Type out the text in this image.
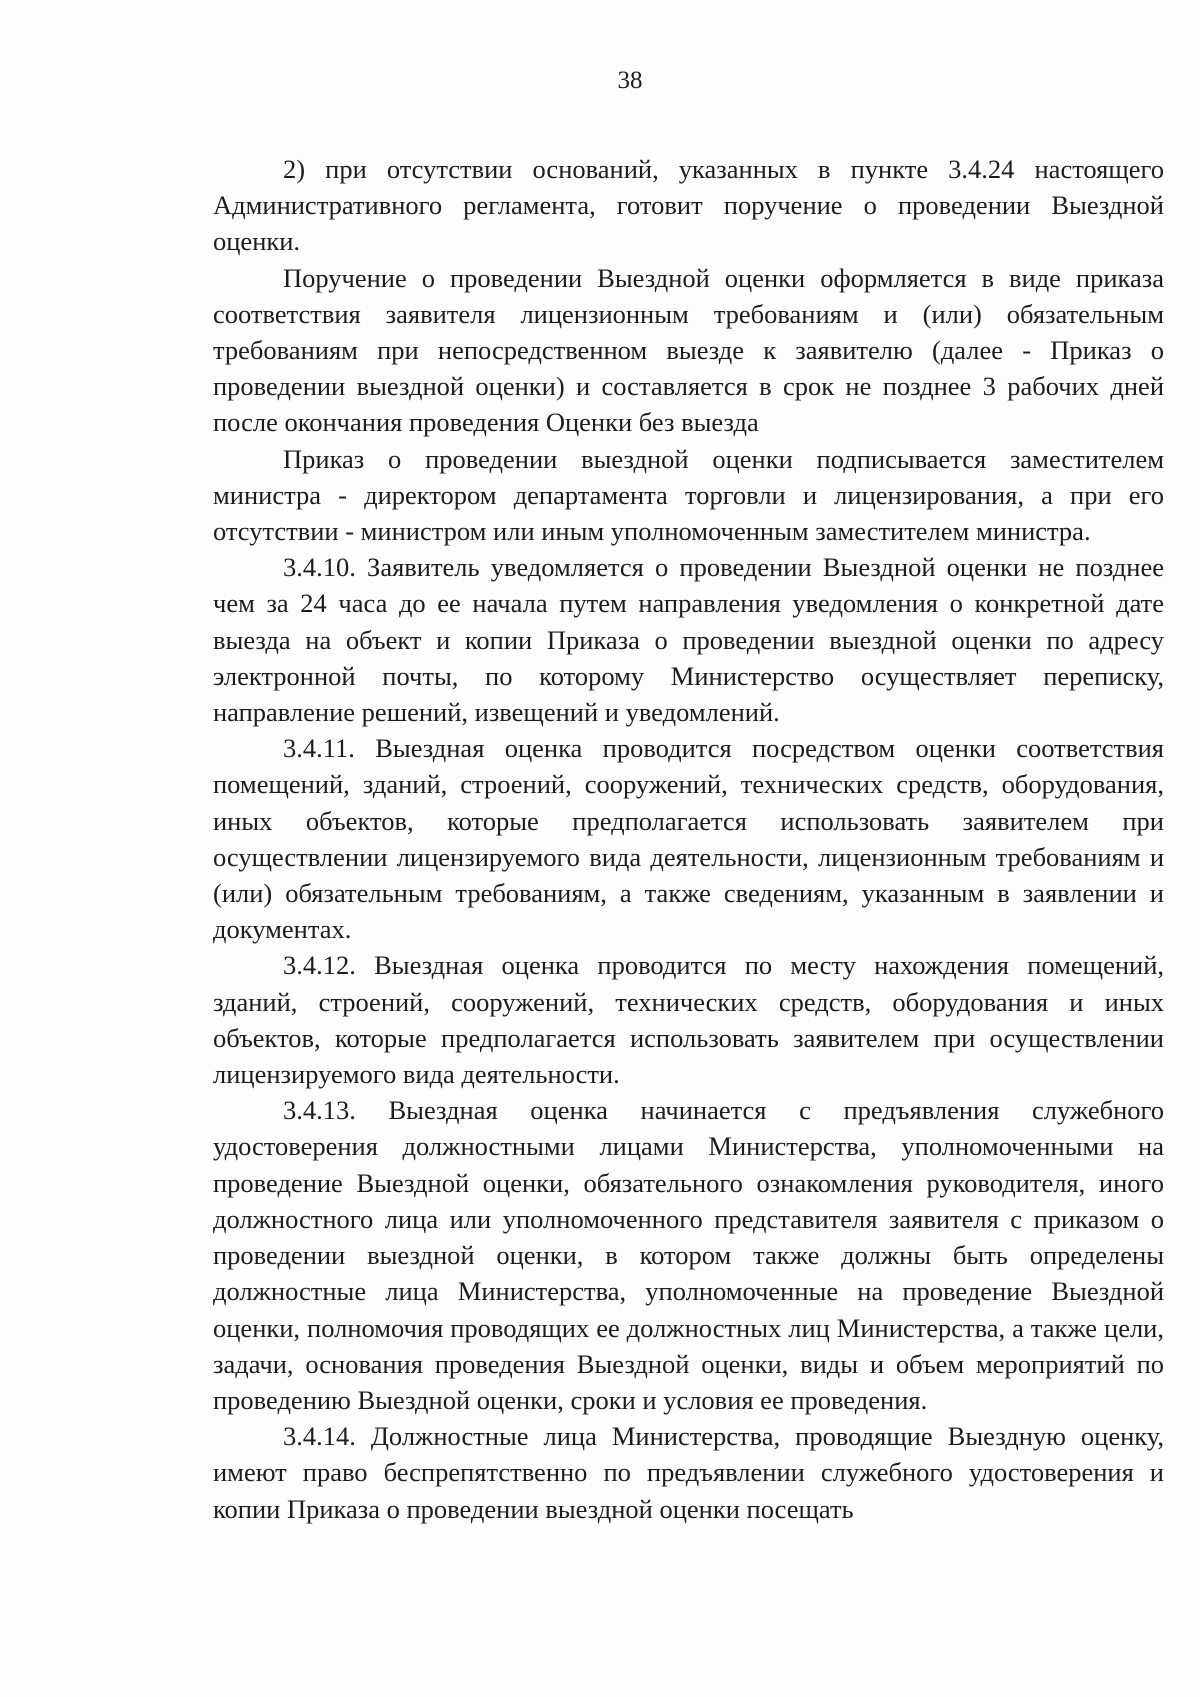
38

2) при отсутствии оснований, указанных в пункте 3.4.24 настоящего Административного регламента, готовит поручение о проведении Выездной оценки.

Поручение о проведении Выездной оценки оформляется в виде приказа соответствия заявителя лицензионным требованиям и (или) обязательным требованиям при непосредственном выезде к заявителю (далее - Приказ о проведении выездной оценки) и составляется в срок не позднее 3 рабочих дней после окончания проведения Оценки без выезда

Приказ о проведении выездной оценки подписывается заместителем министра - директором департамента торговли и лицензирования, а при его отсутствии - министром или иным уполномоченным заместителем министра.

3.4.10. Заявитель уведомляется о проведении Выездной оценки не позднее чем за 24 часа до ее начала путем направления уведомления о конкретной дате выезда на объект и копии Приказа о проведении выездной оценки по адресу электронной почты, по которому Министерство осуществляет переписку, направление решений, извещений и уведомлений.

3.4.11. Выездная оценка проводится посредством оценки соответствия помещений, зданий, строений, сооружений, технических средств, оборудования, иных объектов, которые предполагается использовать заявителем при осуществлении лицензируемого вида деятельности, лицензионным требованиям и (или) обязательным требованиям, а также сведениям, указанным в заявлении и документах.

3.4.12. Выездная оценка проводится по месту нахождения помещений, зданий, строений, сооружений, технических средств, оборудования и иных объектов, которые предполагается использовать заявителем при осуществлении лицензируемого вида деятельности.

3.4.13. Выездная оценка начинается с предъявления служебного удостоверения должностными лицами Министерства, уполномоченными на проведение Выездной оценки, обязательного ознакомления руководителя, иного должностного лица или уполномоченного представителя заявителя с приказом о проведении выездной оценки, в котором также должны быть определены должностные лица Министерства, уполномоченные на проведение Выездной оценки, полномочия проводящих ее должностных лиц Министерства, а также цели, задачи, основания проведения Выездной оценки, виды и объем мероприятий по проведению Выездной оценки, сроки и условия ее проведения.

3.4.14. Должностные лица Министерства, проводящие Выездную оценку, имеют право беспрепятственно по предъявлении служебного удостоверения и копии Приказа о проведении выездной оценки посещать
